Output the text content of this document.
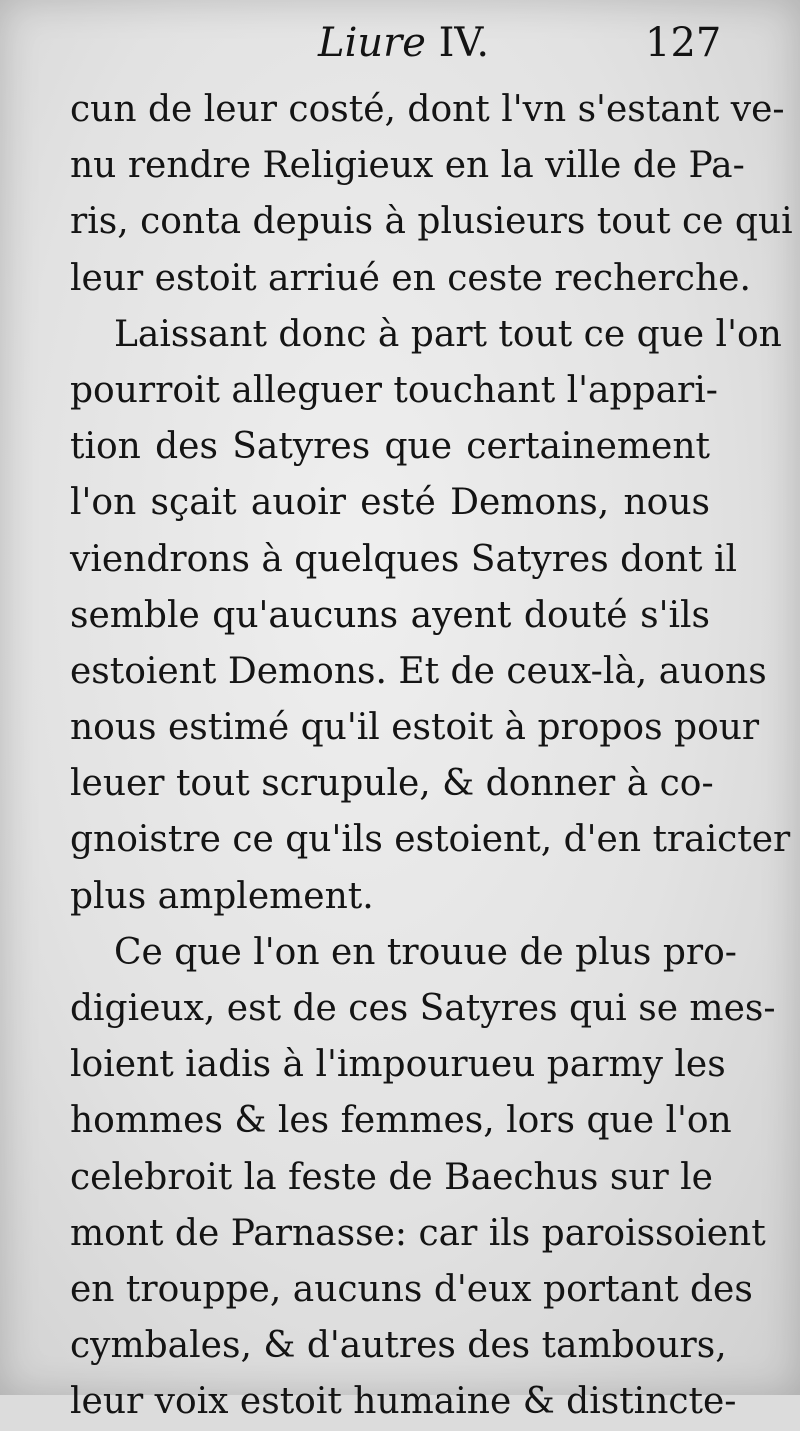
Liure IV.	127
cun de leur costé, dont l'vn s'estant ve-
nu rendre Religieux en la ville de Pa-
ris, conta depuis à plusieurs tout ce qui
leur estoit arriué en ceste recherche.
Laissant donc à part tout ce que l'on
pourroit alleguer touchant l'appari-
tion des Satyres que certainement
l'on sçait auoir esté Demons, nous
viendrons à quelques Satyres dont il
semble qu'aucuns ayent douté s'ils
estoient Demons. Et de ceux-là, auons
nous estimé qu'il estoit à propos pour
leuer tout scrupule, & donner à co-
gnoistre ce qu'ils estoient, d'en traicter
plus amplement.
Ce que l'on en trouue de plus pro-
digieux, est de ces Satyres qui se mes-
loient iadis à l'impourueu parmy les
hommes & les femmes, lors que l'on
celebroit la feste de Baechus sur le
mont de Parnasse: car ils paroissoient
en trouppe, aucuns d'eux portant des
cymbales, & d'autres des tambours,
leur voix estoit humaine & distincte-
